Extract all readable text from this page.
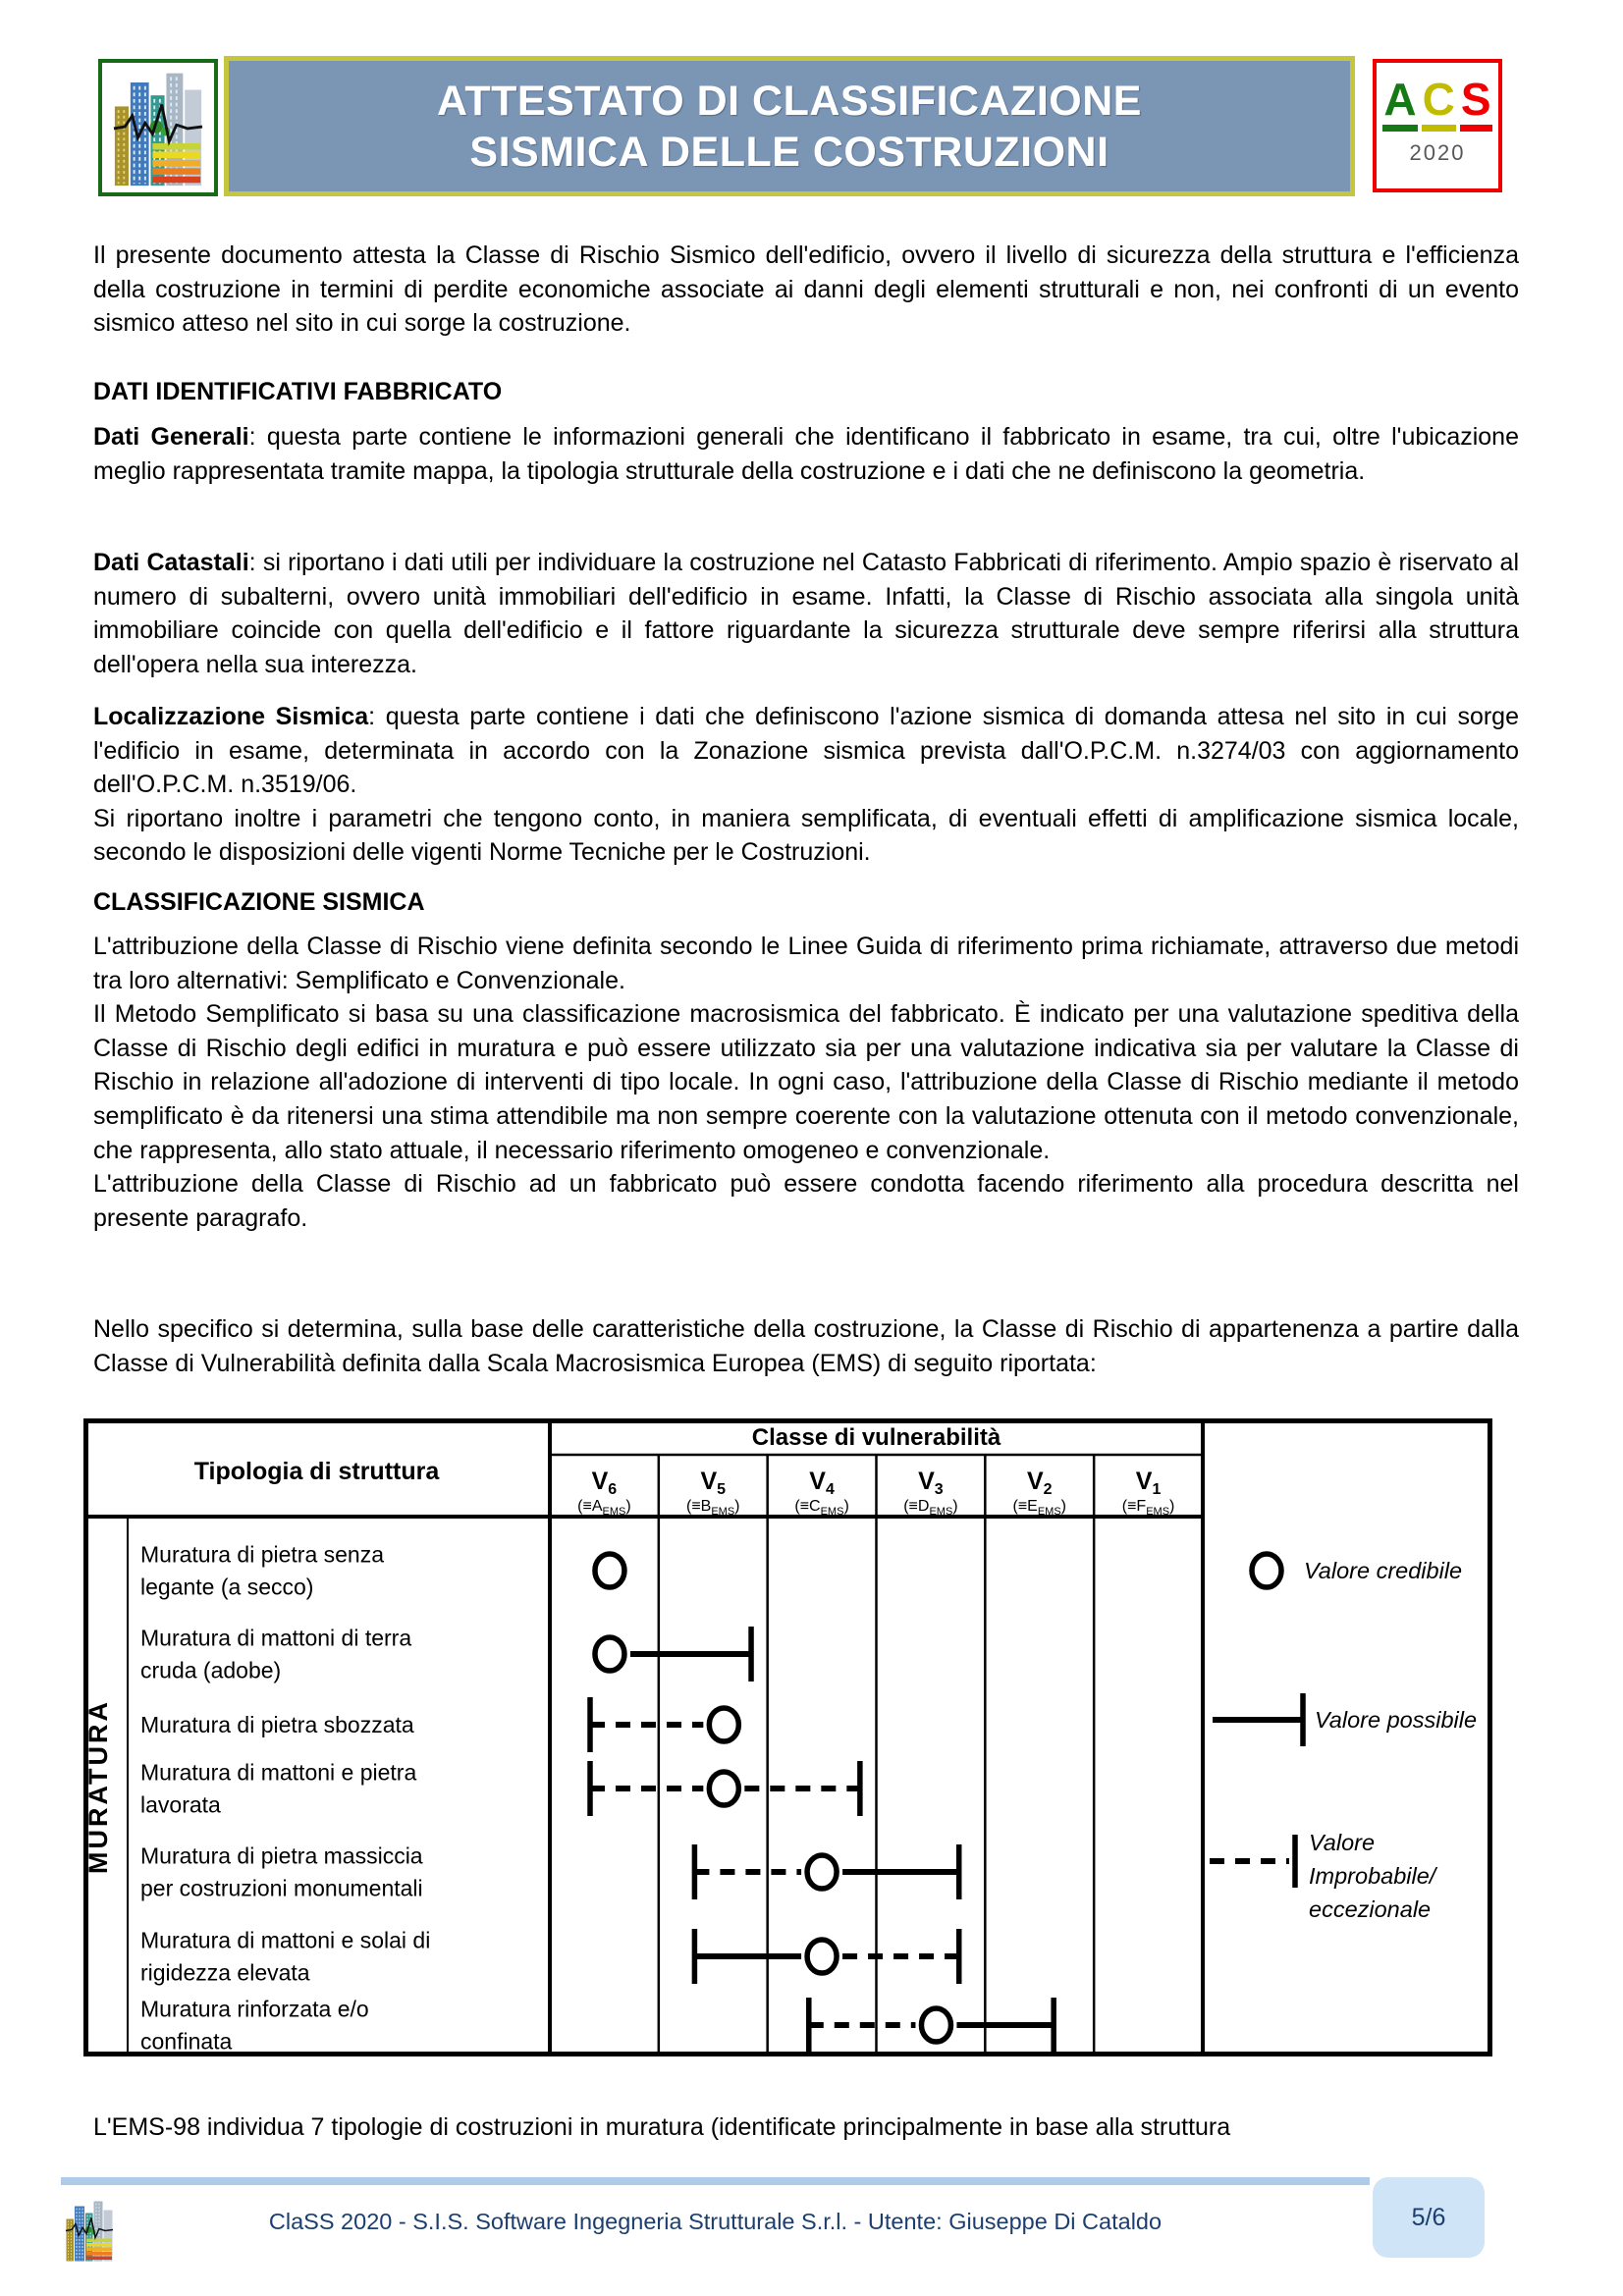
ATTESTATO DI CLASSIFICAZIONE
SISMICA DELLE COSTRUZIONI
A C S
2020

Il presente documento attesta la Classe di Rischio Sismico dell'edificio, ovvero il livello di sicurezza della struttura e l'efficienza della costruzione in termini di perdite economiche associate ai danni degli elementi strutturali e non, nei confronti di un evento sismico atteso nel sito in cui sorge la costruzione.

DATI IDENTIFICATIVI FABBRICATO

Dati Generali: questa parte contiene le informazioni generali che identificano il fabbricato in esame, tra cui, oltre l'ubicazione meglio rappresentata tramite mappa, la tipologia strutturale della costruzione e i dati che ne definiscono la geometria.

Dati Catastali: si riportano i dati utili per individuare la costruzione nel Catasto Fabbricati di riferimento. Ampio spazio è riservato al numero di subalterni, ovvero unità immobiliari dell'edificio in esame. Infatti, la Classe di Rischio associata alla singola unità immobiliare coincide con quella dell'edificio e il fattore riguardante la sicurezza strutturale deve sempre riferirsi alla struttura dell'opera nella sua interezza.

Localizzazione Sismica: questa parte contiene i dati che definiscono l'azione sismica di domanda attesa nel sito in cui sorge l'edificio in esame, determinata in accordo con la Zonazione sismica prevista dall'O.P.C.M. n.3274/03 con aggiornamento dell'O.P.C.M. n.3519/06.
Si riportano inoltre i parametri che tengono conto, in maniera semplificata, di eventuali effetti di amplificazione sismica locale, secondo le disposizioni delle vigenti Norme Tecniche per le Costruzioni.

CLASSIFICAZIONE SISMICA

L'attribuzione della Classe di Rischio viene definita secondo le Linee Guida di riferimento prima richiamate, attraverso due metodi tra loro alternativi: Semplificato e Convenzionale.

Il Metodo Semplificato si basa su una classificazione macrosismica del fabbricato. È indicato per una valutazione speditiva della Classe di Rischio degli edifici in muratura e può essere utilizzato sia per una valutazione indicativa sia per valutare la Classe di Rischio in relazione all'adozione di interventi di tipo locale. In ogni caso, l'attribuzione della Classe di Rischio mediante il metodo semplificato è da ritenersi una stima attendibile ma non sempre coerente con la valutazione ottenuta con il metodo convenzionale, che rappresenta, allo stato attuale, il necessario riferimento omogeneo e convenzionale.

L'attribuzione della Classe di Rischio ad un fabbricato può essere condotta facendo riferimento alla procedura descritta nel presente paragrafo.

Nello specifico si determina, sulla base delle caratteristiche della costruzione, la Classe di Rischio di appartenenza a partire dalla Classe di Vulnerabilità definita dalla Scala Macrosismica Europea (EMS) di seguito riportata:

Tipologia di struttura
Classe di vulnerabilità
$V_6$
$(\equiv A_{EMS})$
$V_5$
$(\equiv B_{EMS})$
$V_4$
$(\equiv C_{EMS})$
$V_3$
$(\equiv D_{EMS})$
$V_2$
$(\equiv E_{EMS})$
$V_1$
$(\equiv F_{EMS})$
MURATURA
Muratura di pietra senza
legante (a secco)
Muratura di mattoni di terra
cruda (adobe)
Muratura di pietra sbozzata
Muratura di mattoni e pietra
lavorata
Muratura di pietra massiccia
per costruzioni monumentali
Muratura di mattoni e solai di
rigidezza elevata
Muratura rinforzata e/o
confinata
Valore credibile
Valore possibile
Valore
Improbabile/
eccezionale

L'EMS-98 individua 7 tipologie di costruzioni in muratura (identificate principalmente in base alla struttura

ClaSS 2020 - S.I.S. Software Ingegneria Strutturale S.r.l. - Utente: Giuseppe Di Cataldo	5/6
